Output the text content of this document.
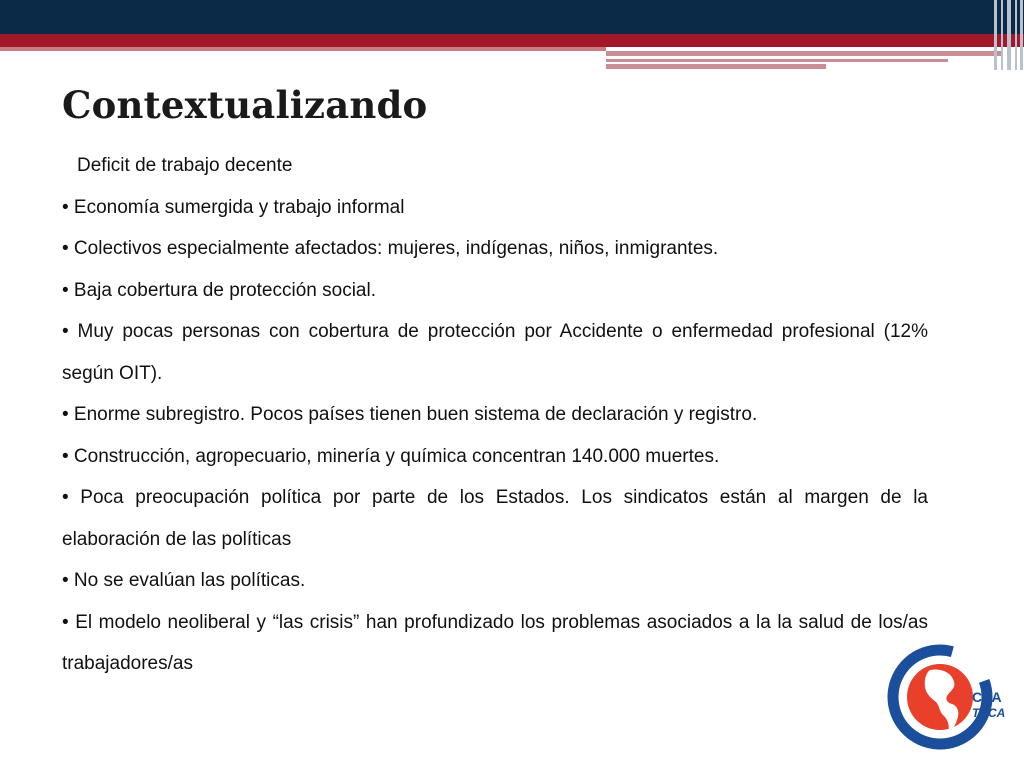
Contextualizando

Deficit de trabajo decente

• Economía sumergida y trabajo informal

• Colectivos especialmente afectados: mujeres, indígenas, niños, inmigrantes.

• Baja cobertura de protección social.

• Muy pocas personas con cobertura de protección por Accidente o enfermedad profesional (12% según OIT).

• Enorme subregistro. Pocos países tienen buen sistema de declaración y registro.

• Construcción, agropecuario, minería y química concentran 140.000 muertes.

• Poca preocupación política por parte de los Estados. Los sindicatos están al margen de la elaboración de las políticas

• No se evalúan las políticas.

• El modelo neoliberal y “las crisis” han profundizado los problemas asociados a la la salud de los/as trabajadores/as

CSA
TUCA
